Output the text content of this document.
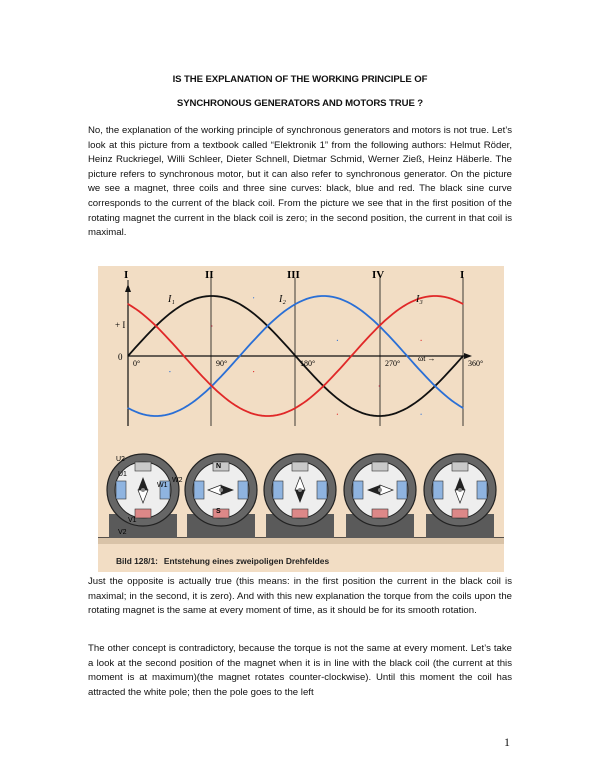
IS THE EXPLANATION OF THE WORKING PRINCIPLE OF
SYNCHRONOUS GENERATORS AND MOTORS TRUE ?

No, the explanation of the working principle of synchronous generators and motors is not true. Let’s look at this picture from a textbook called “Elektronik 1” from the following authors: Helmut Röder, Heinz Ruckriegel, Willi Schleer, Dieter Schnell, Dietmar Schmid, Werner Zieß, Heinz Häberle. The picture refers to synchronous motor, but it can also refer to synchronous generator. On the picture we see a magnet, three coils and three sine curves: black, blue and red. The black sine curve corresponds to the current of the black coil. From the picture we see that in the first position of the rotating magnet the current in the black coil is zero; in the second position, the current in that coil is maximal.

I	II	III	IV	I
+ I
0
0°	90°	180°	270°	360°
ωt →
I₁	I₂	I₃
U2
U1
W1
W2
V1
V2
N
S
Bild 128/1: Entstehung eines zweipoligen Drehfeldes

Just the opposite is actually true (this means: in the first position the current in the black coil is maximal; in the second, it is zero). And with this new explanation the torque from the coils upon the rotating magnet is the same at every moment of time, as it should be for its smooth rotation.

The other concept is contradictory, because the torque is not the same at every moment. Let’s take a look at the second position of the magnet when it is in line with the black coil (the current at this moment is at maximum)(the magnet rotates counter-clockwise). Until this moment the coil has attracted the white pole; then the pole goes to the left

1
